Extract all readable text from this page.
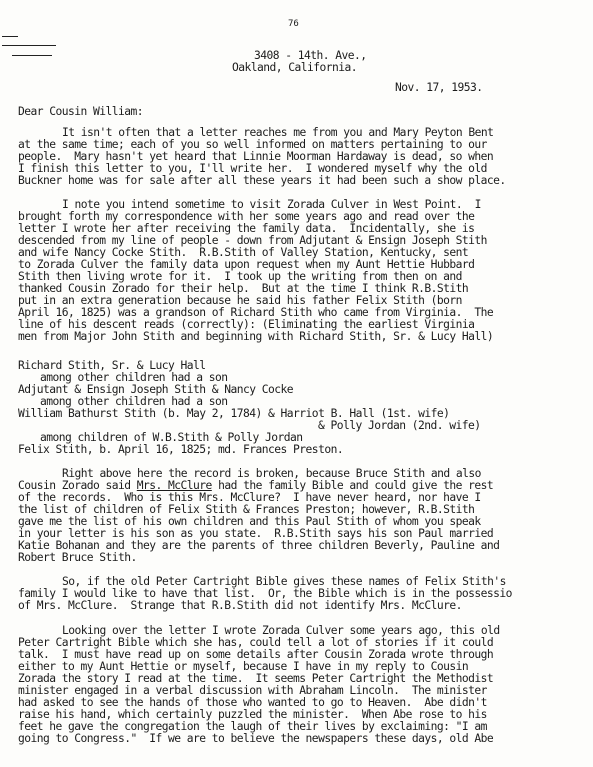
76
3408 - 14th. Ave.,
Oakland, California.
Nov. 17, 1953.
Dear Cousin William:
It isn't often that a letter reaches me from you and Mary Peyton Bent
at the same time; each of you so well informed on matters pertaining to our
people.  Mary hasn't yet heard that Linnie Moorman Hardaway is dead, so when
I finish this letter to you, I'll write her.  I wondered myself why the old
Buckner home was for sale after all these years it had been such a show place.
I note you intend sometime to visit Zorada Culver in West Point.  I
brought forth my correspondence with her some years ago and read over the
letter I wrote her after receiving the family data.  Incidentally, she is
descended from my line of people - down from Adjutant & Ensign Joseph Stith
and wife Nancy Cocke Stith.  R.B.Stith of Valley Station, Kentucky, sent
to Zorada Culver the family data upon request when my Aunt Hettie Hubbard
Stith then living wrote for it.  I took up the writing from then on and
thanked Cousin Zorado for their help.  But at the time I think R.B.Stith
put in an extra generation because he said his father Felix Stith (born
April 16, 1825) was a grandson of Richard Stith who came from Virginia.  The
line of his descent reads (correctly): (Eliminating the earliest Virginia
men from Major John Stith and beginning with Richard Stith, Sr. & Lucy Hall)
Richard Stith, Sr. & Lucy Hall
among other children had a son
Adjutant & Ensign Joseph Stith & Nancy Cocke
among other children had a son
William Bathurst Stith (b. May 2, 1784) & Harriot B. Hall (1st. wife)
& Polly Jordan (2nd. wife)
among children of W.B.Stith & Polly Jordan
Felix Stith, b. April 16, 1825; md. Frances Preston.
Right above here the record is broken, because Bruce Stith and also
Cousin Zorado said Mrs. McClure had the family Bible and could give the rest
of the records.  Who is this Mrs. McClure?  I have never heard, nor have I
the list of children of Felix Stith & Frances Preston; however, R.B.Stith
gave me the list of his own children and this Paul Stith of whom you speak
in your letter is his son as you state.  R.B.Stith says his son Paul married
Katie Bohanan and they are the parents of three children Beverly, Pauline and
Robert Bruce Stith.
So, if the old Peter Cartright Bible gives these names of Felix Stith's
family I would like to have that list.  Or, the Bible which is in the possessio
of Mrs. McClure.  Strange that R.B.Stith did not identify Mrs. McClure.
Looking over the letter I wrote Zorada Culver some years ago, this old
Peter Cartright Bible which she has, could tell a lot of stories if it could
talk.  I must have read up on some details after Cousin Zorada wrote through
either to my Aunt Hettie or myself, because I have in my reply to Cousin
Zorada the story I read at the time.  It seems Peter Cartright the Methodist
minister engaged in a verbal discussion with Abraham Lincoln.  The minister
had asked to see the hands of those who wanted to go to Heaven.  Abe didn't
raise his hand, which certainly puzzled the minister.  When Abe rose to his
feet he gave the congregation the laugh of their lives by exclaiming: "I am
going to Congress."  If we are to believe the newspapers these days, old Abe
